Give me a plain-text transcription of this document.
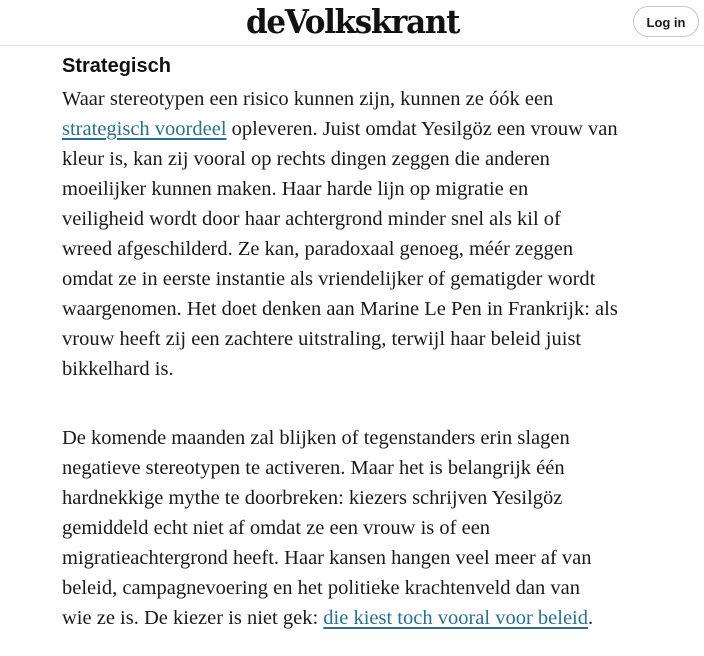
deVolkskrant	Log in
Strategisch

Waar stereotypen een risico kunnen zijn, kunnen ze óók een
strategisch voordeel opleveren. Juist omdat Yesilgöz een vrouw van
kleur is, kan zij vooral op rechts dingen zeggen die anderen
moeilijker kunnen maken. Haar harde lijn op migratie en
veiligheid wordt door haar achtergrond minder snel als kil of
wreed afgeschilderd. Ze kan, paradoxaal genoeg, méér zeggen
omdat ze in eerste instantie als vriendelijker of gematigder wordt
waargenomen. Het doet denken aan Marine Le Pen in Frankrijk: als
vrouw heeft zij een zachtere uitstraling, terwijl haar beleid juist
bikkelhard is.

De komende maanden zal blijken of tegenstanders erin slagen
negatieve stereotypen te activeren. Maar het is belangrijk één
hardnekkige mythe te doorbreken: kiezers schrijven Yesilgöz
gemiddeld echt niet af omdat ze een vrouw is of een
migratieachtergrond heeft. Haar kansen hangen veel meer af van
beleid, campagnevoering en het politieke krachtenveld dan van
wie ze is. De kiezer is niet gek: die kiest toch vooral voor beleid.
